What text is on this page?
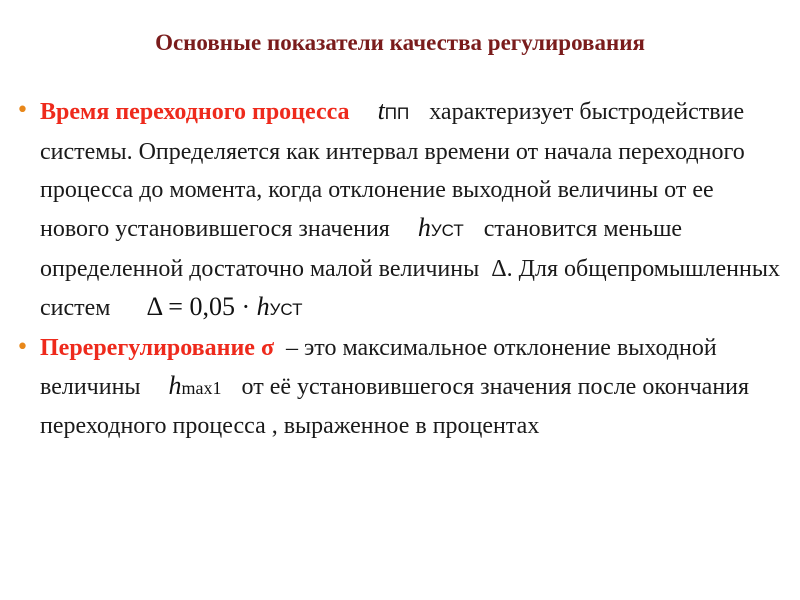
Основные показатели качества регулирования
• Время переходного процесса tПП характеризует быстродействие системы. Определяется как интервал времени от начала переходного процесса до момента, когда отклонение выходной величины от ее нового установившегося значения hУСТ становится меньше определенной достаточно малой величины Δ. Для общепромышленных систем Δ = 0,05 · hУСТ
• Перерегулирование σ – это максимальное отклонение выходной величины hmax1 от её установившегося значения после окончания переходного процесса , выраженное в процентах
